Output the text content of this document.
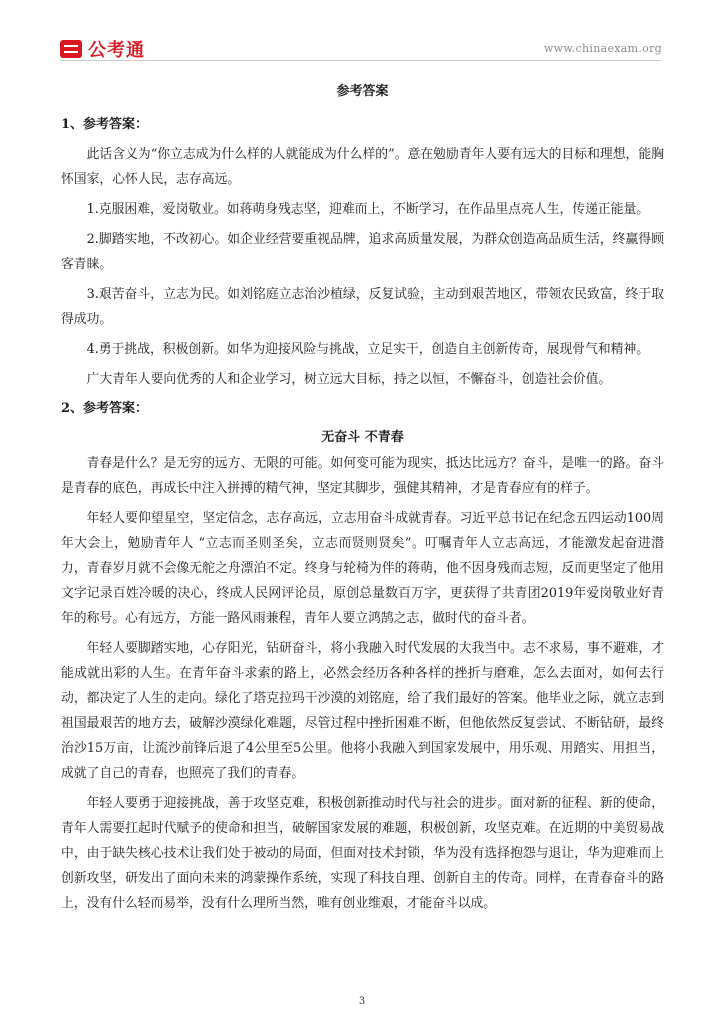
公考通	www.chinaexam.org
参考答案
1、参考答案：

此话含义为“你立志成为什么样的人就能成为什么样的”。意在勉励青年人要有远大的目标和理想，能胸怀国家，心怀人民，志存高远。

1.克服困难，爱岗敬业。如蒋萌身残志坚，迎难而上，不断学习，在作品里点亮人生，传递正能量。

2.脚踏实地，不改初心。如企业经营要重视品牌，追求高质量发展，为群众创造高品质生活，终赢得顾客青睐。

3.艰苦奋斗，立志为民。如刘铭庭立志治沙植绿，反复试验，主动到艰苦地区，带领农民致富，终于取得成功。

4.勇于挑战，积极创新。如华为迎接风险与挑战，立足实干，创造自主创新传奇，展现骨气和精神。

广大青年人要向优秀的人和企业学习，树立远大目标，持之以恒，不懈奋斗，创造社会价值。

2、参考答案：
无奋斗 不青春

青春是什么？是无穷的远方、无限的可能。如何变可能为现实，抵达比远方？奋斗，是唯一的路。奋斗是青春的底色，再成长中注入拼搏的精气神，坚定其脚步，强健其精神，才是青春应有的样子。

年轻人要仰望星空，坚定信念，志存高远，立志用奋斗成就青春。习近平总书记在纪念五四运动100周年大会上，勉励青年人 “立志而圣则圣矣，立志而贤则贤矣”。叮嘱青年人立志高远，才能激发起奋进潜力，青春岁月就不会像无舵之舟漂泊不定。终身与轮椅为伴的蒋萌，他不因身残而志短，反而更坚定了他用文字记录百姓冷暖的决心，终成人民网评论员，原创总量数百万字，更获得了共青团2019年爱岗敬业好青年的称号。心有远方，方能一路风雨兼程，青年人要立鸿鹄之志，做时代的奋斗者。

年轻人要脚踏实地，心存阳光，钻研奋斗，将小我融入时代发展的大我当中。志不求易，事不避难，才能成就出彩的人生。在青年奋斗求索的路上，必然会经历各种各样的挫折与磨难，怎么去面对，如何去行动，都决定了人生的走向。绿化了塔克拉玛干沙漠的刘铭庭，给了我们最好的答案。他毕业之际，就立志到祖国最艰苦的地方去，破解沙漠绿化难题，尽管过程中挫折困难不断，但他依然反复尝试、不断钻研，最终治沙15万亩，让流沙前锋后退了4公里至5公里。他将小我融入到国家发展中，用乐观、用踏实、用担当，成就了自己的青春，也照亮了我们的青春。

年轻人要勇于迎接挑战，善于攻坚克难，积极创新推动时代与社会的进步。面对新的征程、新的使命，青年人需要扛起时代赋予的使命和担当，破解国家发展的难题，积极创新，攻坚克难。在近期的中美贸易战中，由于缺失核心技术让我们处于被动的局面，但面对技术封锁，华为没有选择抱怨与退让，华为迎难而上创新攻坚，研发出了面向未来的鸿蒙操作系统，实现了科技自理、创新自主的传奇。同样，在青春奋斗的路上，没有什么轻而易举，没有什么理所当然，唯有创业维艰，才能奋斗以成。

3
